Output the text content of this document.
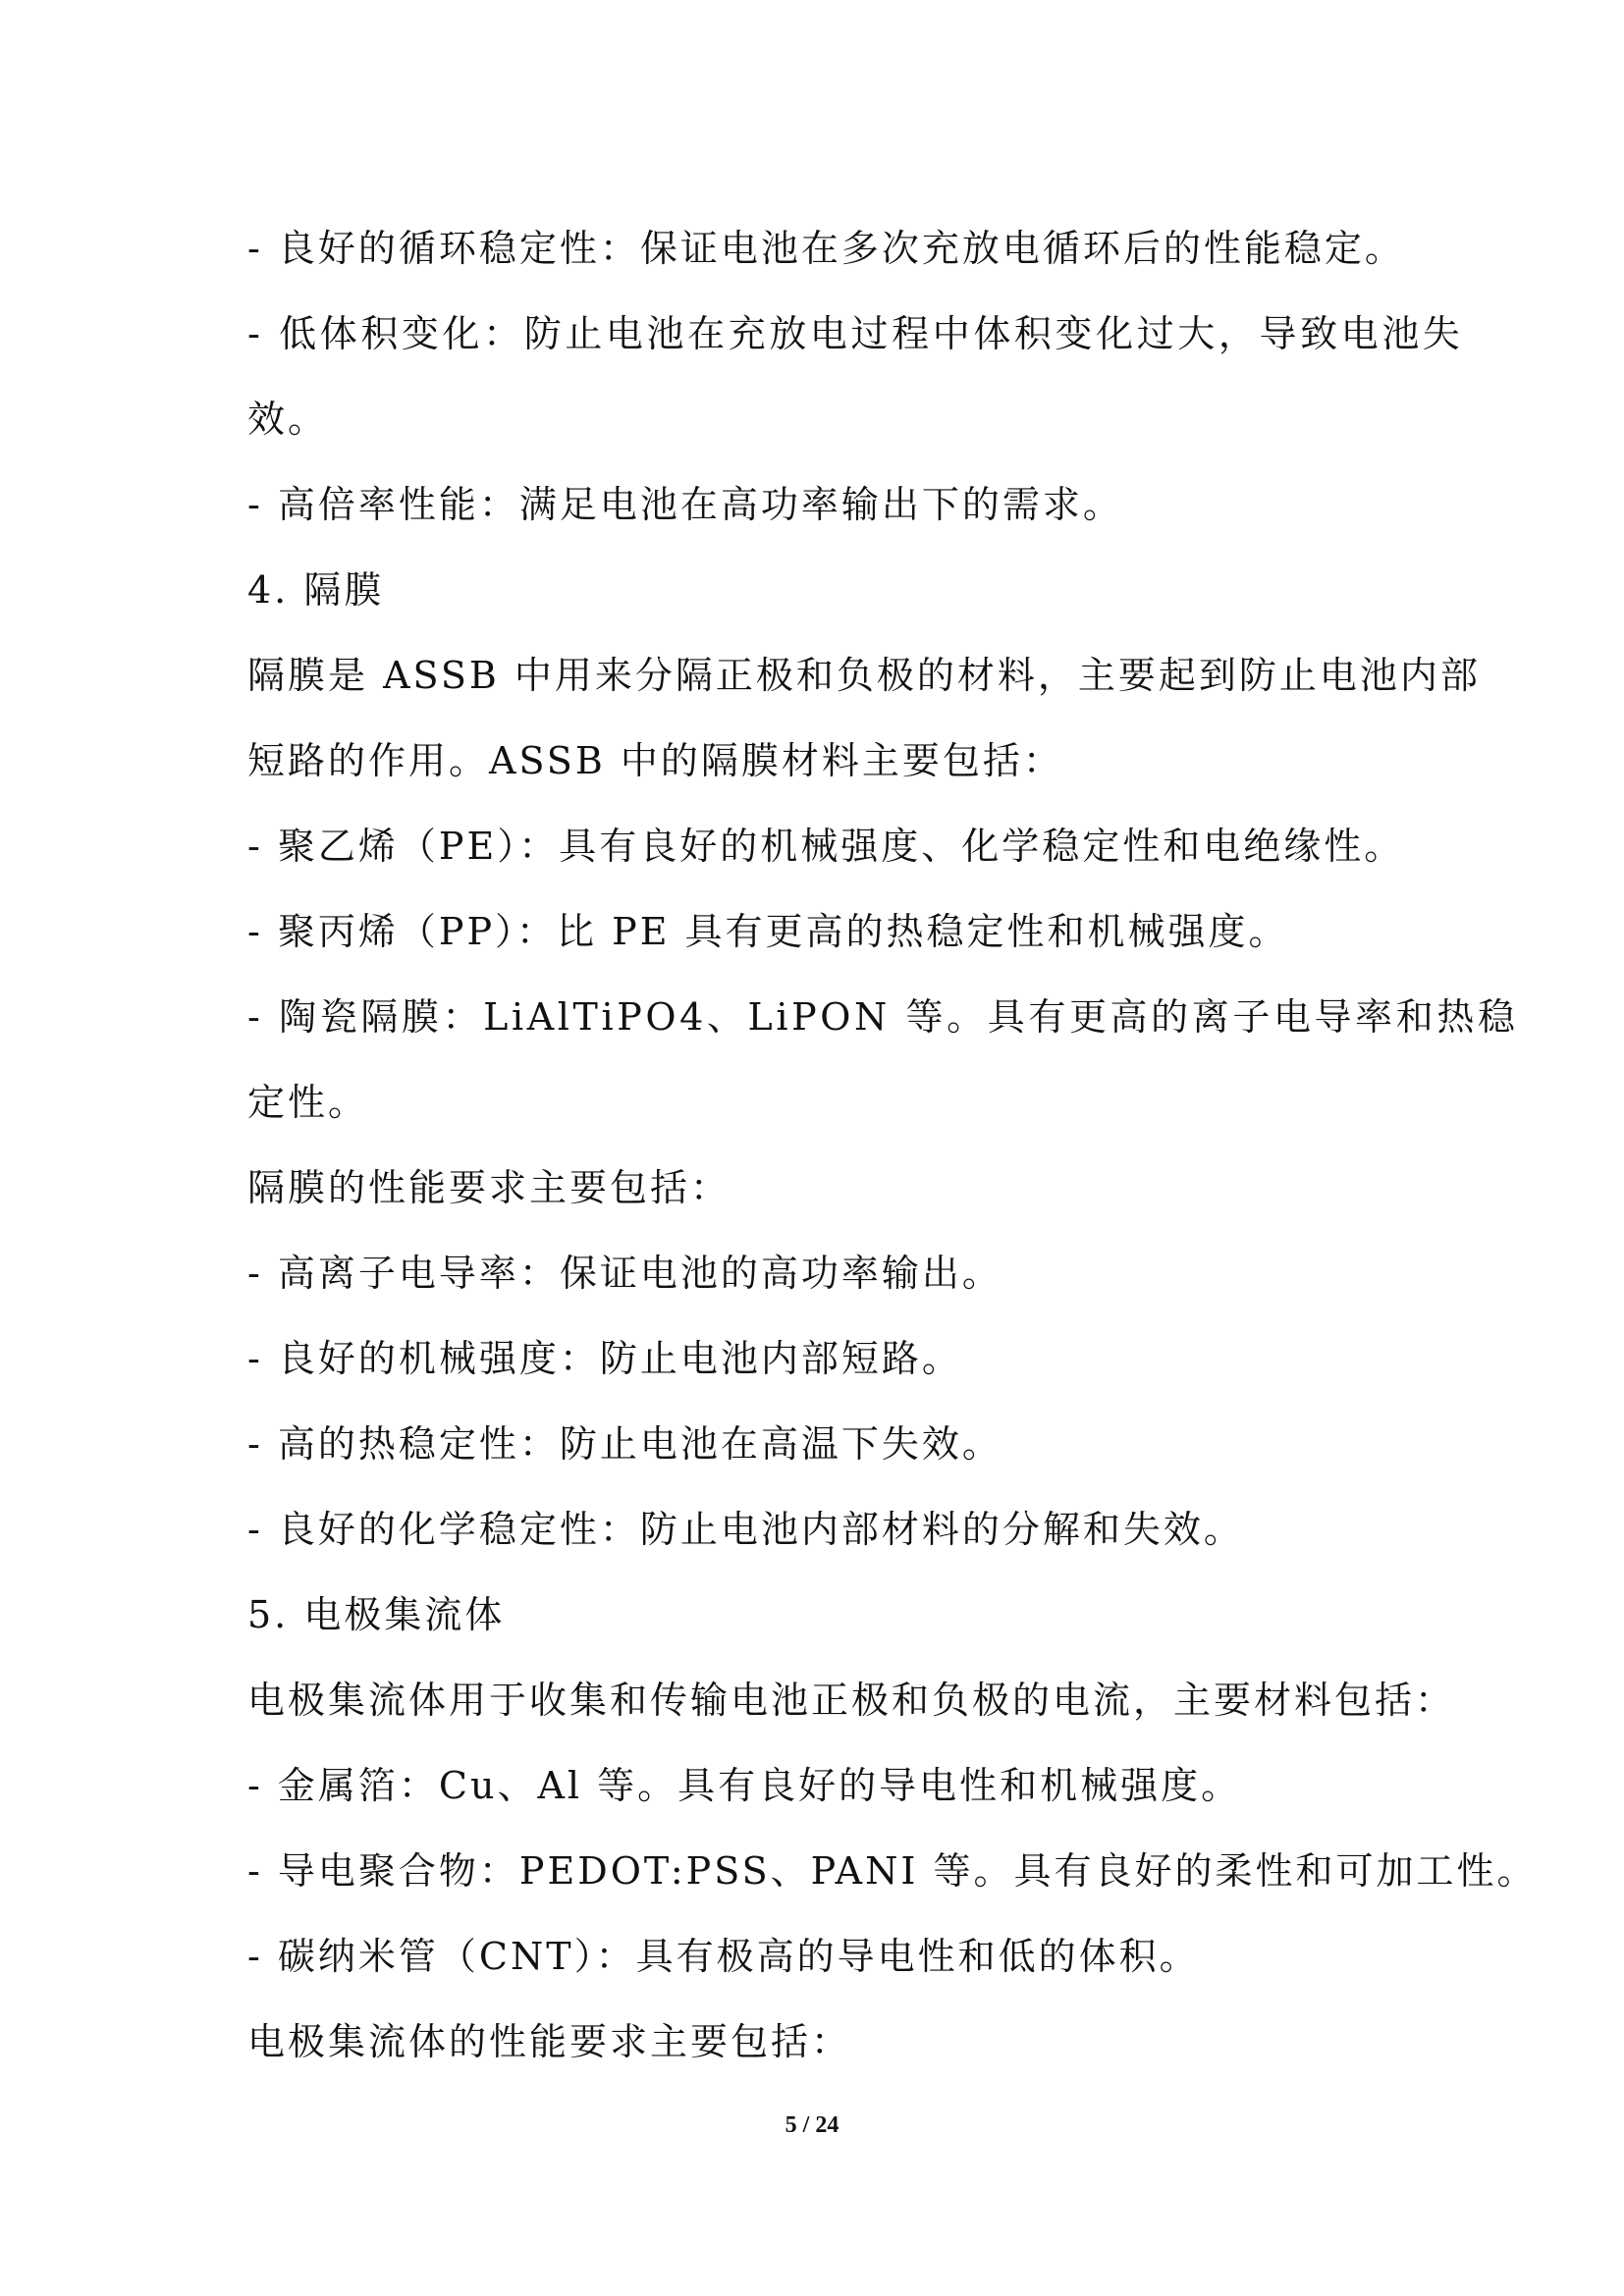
- 良好的循环稳定性：保证电池在多次充放电循环后的性能稳定。
- 低体积变化：防止电池在充放电过程中体积变化过大，导致电池失
效。
- 高倍率性能：满足电池在高功率输出下的需求。
4. 隔膜
隔膜是 ASSB 中用来分隔正极和负极的材料，主要起到防止电池内部
短路的作用。ASSB 中的隔膜材料主要包括：
- 聚乙烯（PE）：具有良好的机械强度、化学稳定性和电绝缘性。
- 聚丙烯（PP）：比 PE 具有更高的热稳定性和机械强度。
- 陶瓷隔膜：LiAlTiPO4、LiPON 等。具有更高的离子电导率和热稳
定性。
隔膜的性能要求主要包括：
- 高离子电导率：保证电池的高功率输出。
- 良好的机械强度：防止电池内部短路。
- 高的热稳定性：防止电池在高温下失效。
- 良好的化学稳定性：防止电池内部材料的分解和失效。
5. 电极集流体
电极集流体用于收集和传输电池正极和负极的电流，主要材料包括：
- 金属箔：Cu、Al 等。具有良好的导电性和机械强度。
- 导电聚合物：PEDOT:PSS、PANI 等。具有良好的柔性和可加工性。
- 碳纳米管（CNT）：具有极高的导电性和低的体积。
电极集流体的性能要求主要包括：
5 / 24
